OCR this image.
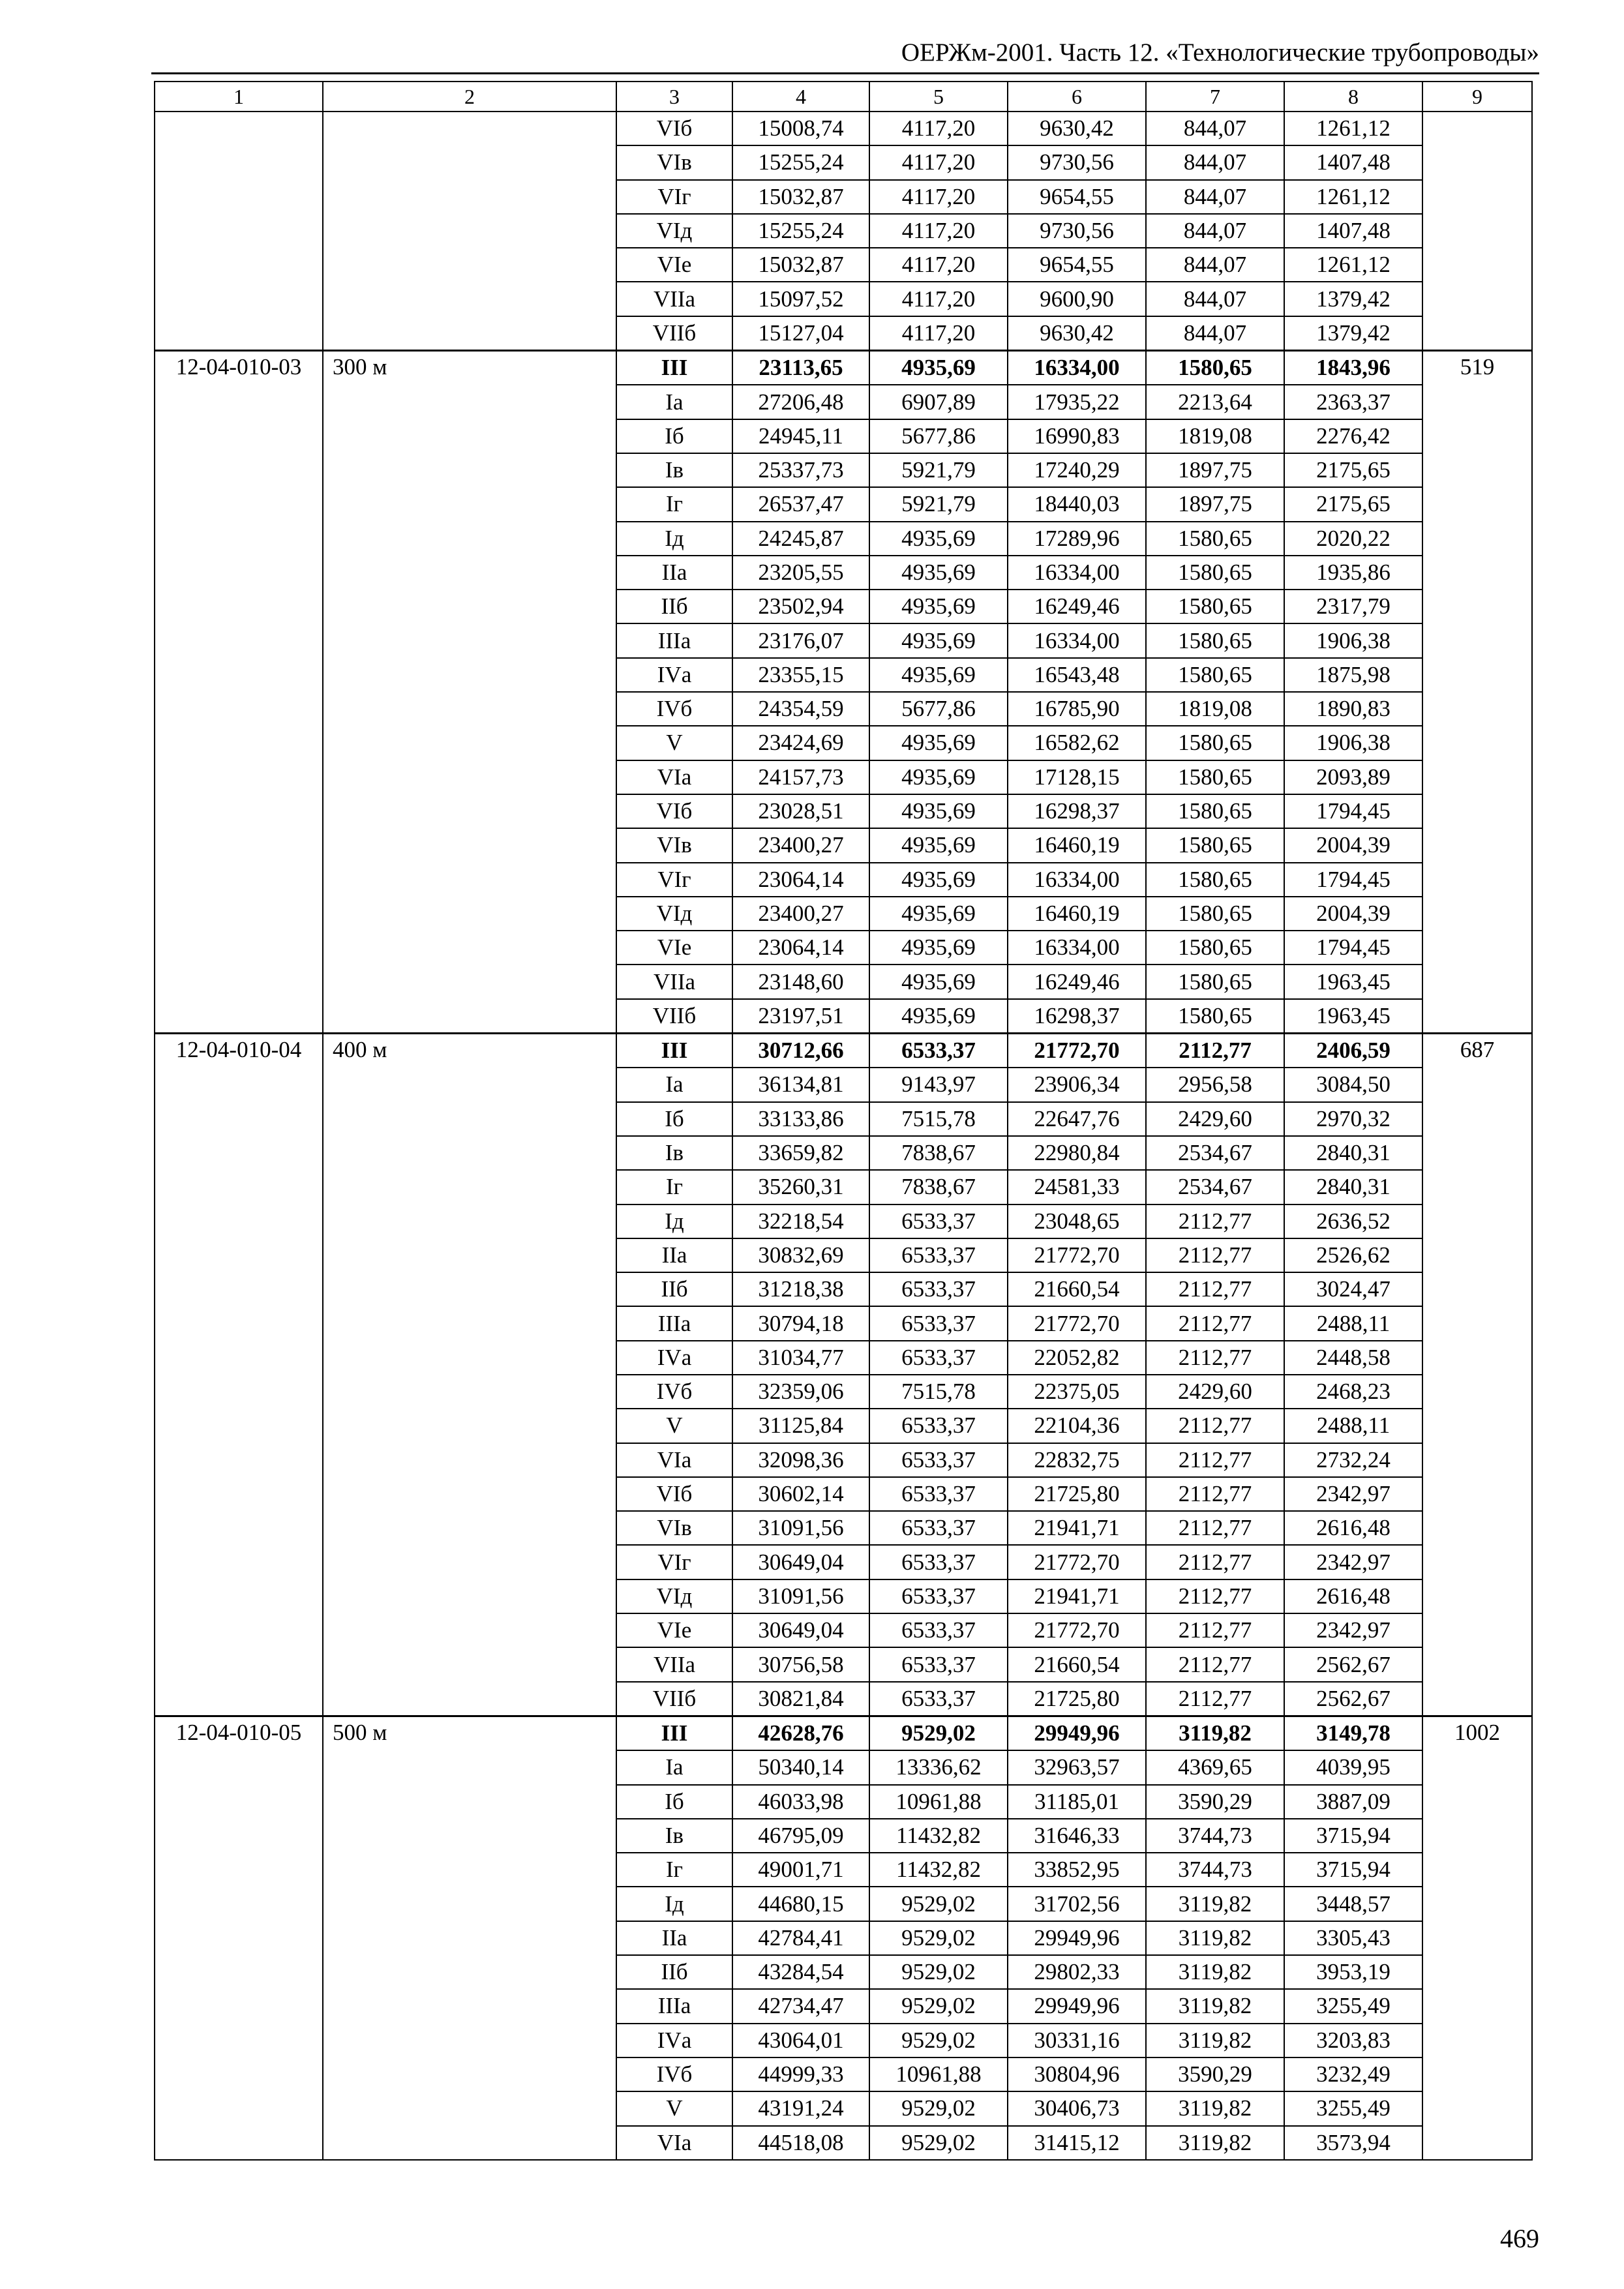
ОЕРЖм-2001. Часть 12. «Технологические трубопроводы»
1	2	3	4	5	6	7	8	9
		VIб	15008,74	4117,20	9630,42	844,07	1261,12	
		VIв	15255,24	4117,20	9730,56	844,07	1407,48	
		VIг	15032,87	4117,20	9654,55	844,07	1261,12	
		VIд	15255,24	4117,20	9730,56	844,07	1407,48	
		VIе	15032,87	4117,20	9654,55	844,07	1261,12	
		VIIа	15097,52	4117,20	9600,90	844,07	1379,42	
		VIIб	15127,04	4117,20	9630,42	844,07	1379,42	
12-04-010-03	300 м	III	23113,65	4935,69	16334,00	1580,65	1843,96	519
		Iа	27206,48	6907,89	17935,22	2213,64	2363,37	
		Iб	24945,11	5677,86	16990,83	1819,08	2276,42	
		Iв	25337,73	5921,79	17240,29	1897,75	2175,65	
		Iг	26537,47	5921,79	18440,03	1897,75	2175,65	
		Iд	24245,87	4935,69	17289,96	1580,65	2020,22	
		IIа	23205,55	4935,69	16334,00	1580,65	1935,86	
		IIб	23502,94	4935,69	16249,46	1580,65	2317,79	
		IIIа	23176,07	4935,69	16334,00	1580,65	1906,38	
		IVа	23355,15	4935,69	16543,48	1580,65	1875,98	
		IVб	24354,59	5677,86	16785,90	1819,08	1890,83	
		V	23424,69	4935,69	16582,62	1580,65	1906,38	
		VIа	24157,73	4935,69	17128,15	1580,65	2093,89	
		VIб	23028,51	4935,69	16298,37	1580,65	1794,45	
		VIв	23400,27	4935,69	16460,19	1580,65	2004,39	
		VIг	23064,14	4935,69	16334,00	1580,65	1794,45	
		VIд	23400,27	4935,69	16460,19	1580,65	2004,39	
		VIе	23064,14	4935,69	16334,00	1580,65	1794,45	
		VIIа	23148,60	4935,69	16249,46	1580,65	1963,45	
		VIIб	23197,51	4935,69	16298,37	1580,65	1963,45	
12-04-010-04	400 м	III	30712,66	6533,37	21772,70	2112,77	2406,59	687
		Iа	36134,81	9143,97	23906,34	2956,58	3084,50	
		Iб	33133,86	7515,78	22647,76	2429,60	2970,32	
		Iв	33659,82	7838,67	22980,84	2534,67	2840,31	
		Iг	35260,31	7838,67	24581,33	2534,67	2840,31	
		Iд	32218,54	6533,37	23048,65	2112,77	2636,52	
		IIа	30832,69	6533,37	21772,70	2112,77	2526,62	
		IIб	31218,38	6533,37	21660,54	2112,77	3024,47	
		IIIа	30794,18	6533,37	21772,70	2112,77	2488,11	
		IVа	31034,77	6533,37	22052,82	2112,77	2448,58	
		IVб	32359,06	7515,78	22375,05	2429,60	2468,23	
		V	31125,84	6533,37	22104,36	2112,77	2488,11	
		VIа	32098,36	6533,37	22832,75	2112,77	2732,24	
		VIб	30602,14	6533,37	21725,80	2112,77	2342,97	
		VIв	31091,56	6533,37	21941,71	2112,77	2616,48	
		VIг	30649,04	6533,37	21772,70	2112,77	2342,97	
		VIд	31091,56	6533,37	21941,71	2112,77	2616,48	
		VIе	30649,04	6533,37	21772,70	2112,77	2342,97	
		VIIа	30756,58	6533,37	21660,54	2112,77	2562,67	
		VIIб	30821,84	6533,37	21725,80	2112,77	2562,67	
12-04-010-05	500 м	III	42628,76	9529,02	29949,96	3119,82	3149,78	1002
		Iа	50340,14	13336,62	32963,57	4369,65	4039,95	
		Iб	46033,98	10961,88	31185,01	3590,29	3887,09	
		Iв	46795,09	11432,82	31646,33	3744,73	3715,94	
		Iг	49001,71	11432,82	33852,95	3744,73	3715,94	
		Iд	44680,15	9529,02	31702,56	3119,82	3448,57	
		IIа	42784,41	9529,02	29949,96	3119,82	3305,43	
		IIб	43284,54	9529,02	29802,33	3119,82	3953,19	
		IIIа	42734,47	9529,02	29949,96	3119,82	3255,49	
		IVа	43064,01	9529,02	30331,16	3119,82	3203,83	
		IVб	44999,33	10961,88	30804,96	3590,29	3232,49	
		V	43191,24	9529,02	30406,73	3119,82	3255,49	
		VIа	44518,08	9529,02	31415,12	3119,82	3573,94	
469
